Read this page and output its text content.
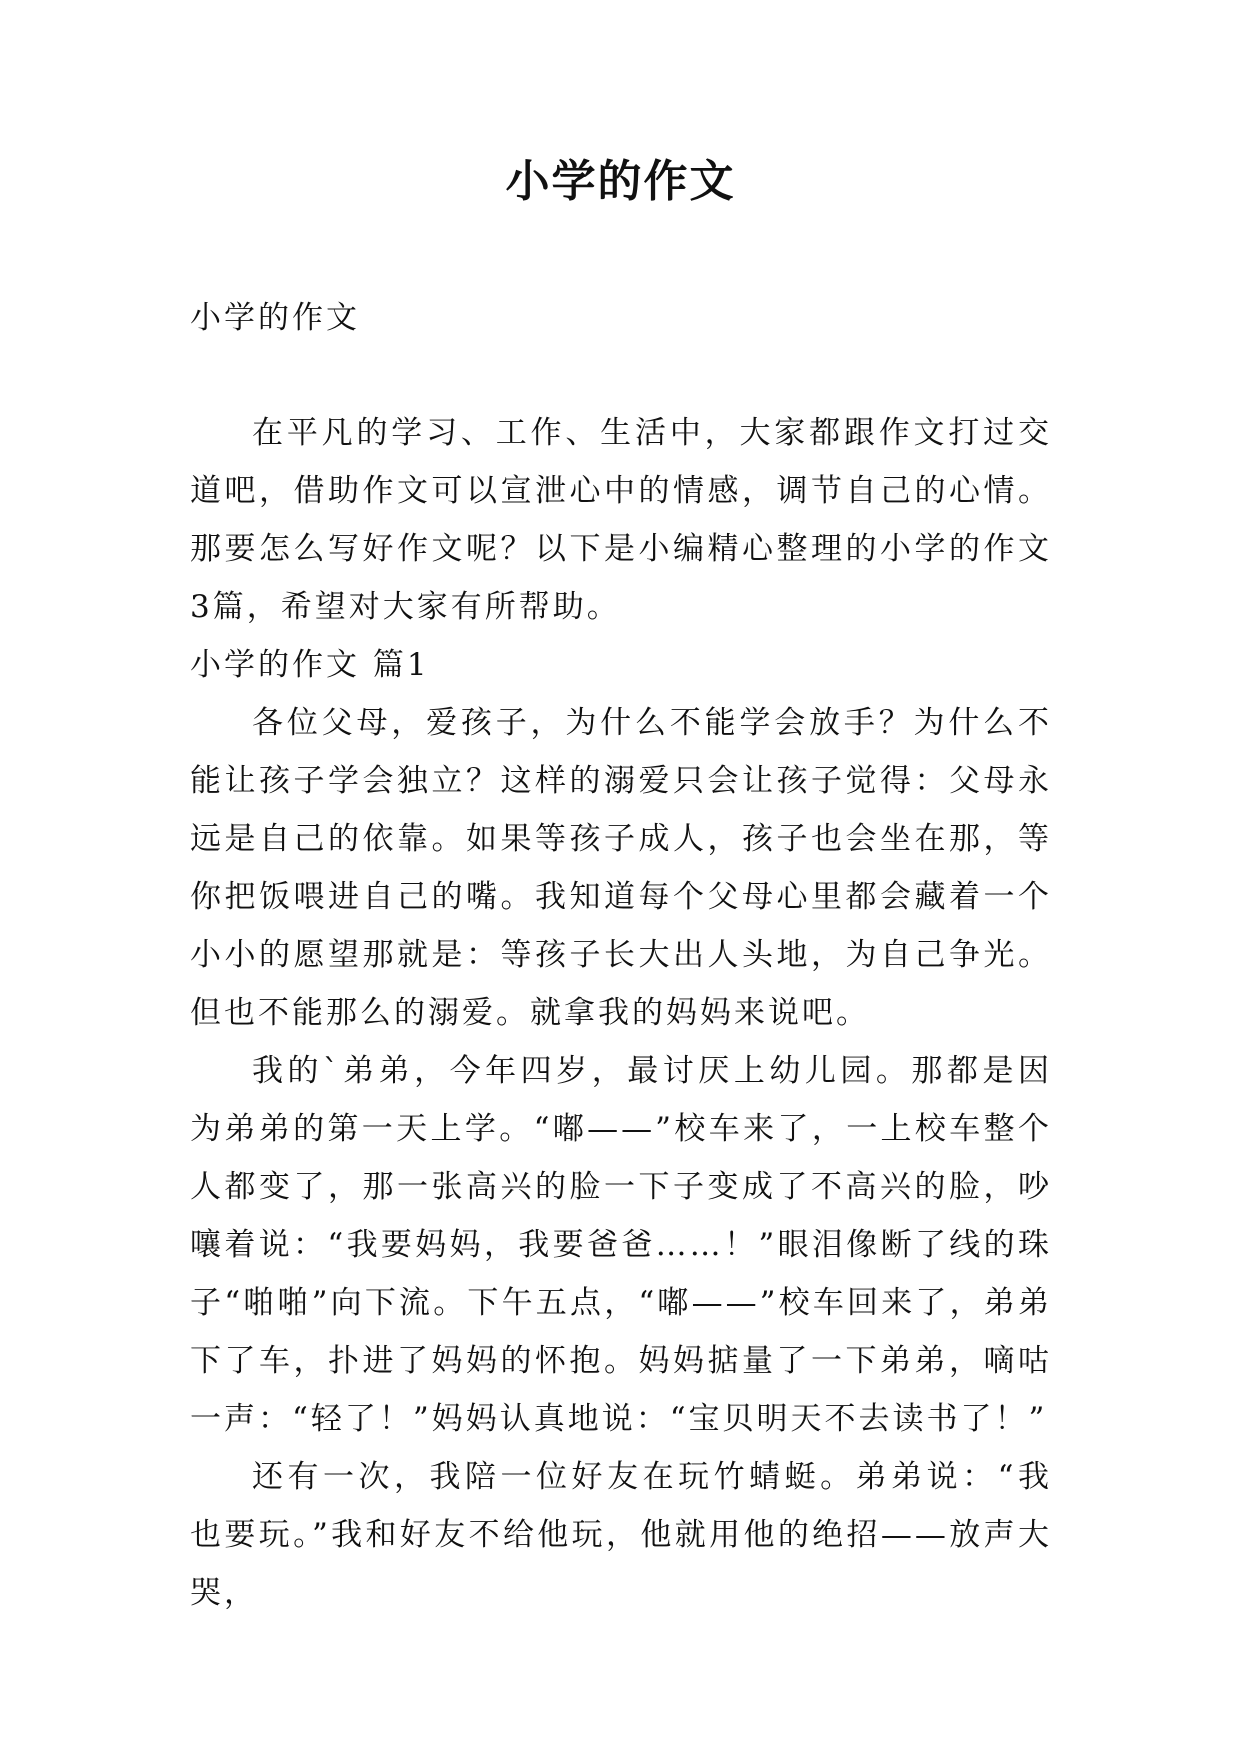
小学的作文

小学的作文

在平凡的学习、工作、生活中，大家都跟作文打过交道吧，借助作文可以宣泄心中的情感，调节自己的心情。那要怎么写好作文呢？以下是小编精心整理的小学的作文3篇，希望对大家有所帮助。

小学的作文 篇1

各位父母，爱孩子，为什么不能学会放手？为什么不能让孩子学会独立？这样的溺爱只会让孩子觉得：父母永远是自己的依靠。如果等孩子成人，孩子也会坐在那，等你把饭喂进自己的嘴。我知道每个父母心里都会藏着一个小小的愿望那就是：等孩子长大出人头地，为自己争光。但也不能那么的溺爱。就拿我的妈妈来说吧。

我的`弟弟，今年四岁，最讨厌上幼儿园。那都是因为弟弟的第一天上学。“嘟——”校车来了，一上校车整个人都变了，那一张高兴的脸一下子变成了不高兴的脸，吵嚷着说：“我要妈妈，我要爸爸……！”眼泪像断了线的珠子“啪啪”向下流。下午五点，“嘟——”校车回来了，弟弟下了车，扑进了妈妈的怀抱。妈妈掂量了一下弟弟，嘀咕一声：“轻了！”妈妈认真地说：“宝贝明天不去读书了！”

还有一次，我陪一位好友在玩竹蜻蜓。弟弟说：“我也要玩。”我和好友不给他玩，他就用他的绝招——放声大哭，
